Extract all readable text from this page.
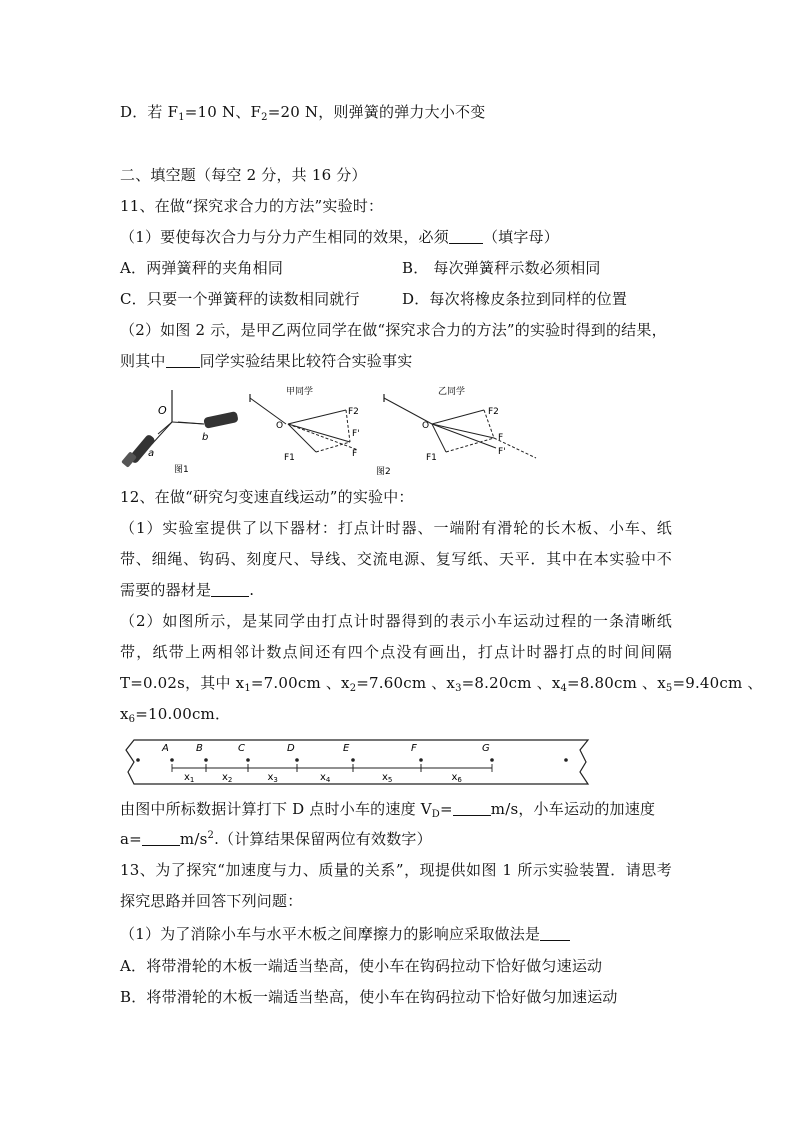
D．若 $F_1=10$ N、$F_2=20$ N，则弹簧的弹力大小不变
二、填空题（每空 2 分，共 16 分）
11、在做“探究求合力的方法”实验时：
（1）要使每次合力与分力产生相同的效果，必须 （填字母）
A．两弹簧秤的夹角相同	B． 每次弹簧秤示数必须相同
C．只要一个弹簧秤的读数相同就行	D．每次将橡皮条拉到同样的位置
（2）如图 2 示，是甲乙两位同学在做“探究求合力的方法”的实验时得到的结果，
则其中 同学实验结果比较符合实验事实
O
b
a
图1
甲同学
O
F2
F'
F
F1
图2
乙同学
O
F2
F
F'
F1
12、在做“研究匀变速直线运动”的实验中：
（1）实验室提供了以下器材：打点计时器、一端附有滑轮的长木板、小车、纸
带、细绳、钩码、刻度尺、导线、交流电源、复写纸、天平．其中在本实验中不
需要的器材是	.
（2）如图所示，是某同学由打点计时器得到的表示小车运动过程的一条清晰纸
带，纸带上两相邻计数点间还有四个点没有画出，打点计时器打点的时间间隔
T=0.02s，其中 $x_1=7.00cm$ 、$x_2=7.60cm$ 、$x_3=8.20cm$ 、$x_4=8.80cm$ 、$x_5=9.40cm$ 、
$x_6=10.00cm$．
A	B	C	D	E	F	G
$x_1$	$x_2$	$x_3$	$x_4$	$x_5$	$x_6$
由图中所标数据计算打下 D 点时小车的速度 $V_D=$	m/s，小车运动的加速度
a=	$m/s^2$.（计算结果保留两位有效数字）
13、为了探究“加速度与力、质量的关系”，现提供如图 1 所示实验装置．请思考
探究思路并回答下列问题：
（1）为了消除小车与水平木板之间摩擦力的影响应采取做法是
A．将带滑轮的木板一端适当垫高，使小车在钩码拉动下恰好做匀速运动
B．将带滑轮的木板一端适当垫高，使小车在钩码拉动下恰好做匀加速运动
